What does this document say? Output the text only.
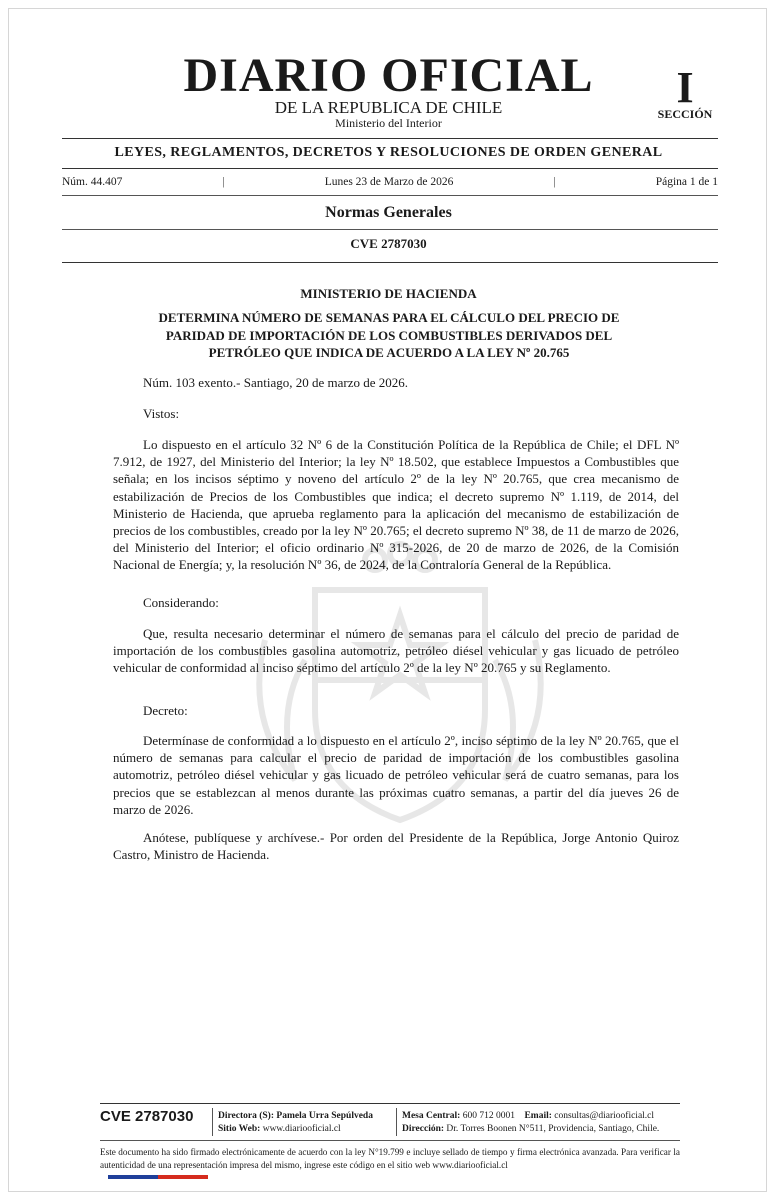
DIARIO OFICIAL
DE LA REPUBLICA DE CHILE
Ministerio del Interior
I
SECCIÓN
LEYES, REGLAMENTOS, DECRETOS Y RESOLUCIONES DE ORDEN GENERAL
Núm. 44.407	|	Lunes 23 de Marzo de 2026	|	Página 1 de 1
Normas Generales
CVE 2787030
MINISTERIO DE HACIENDA
DETERMINA NÚMERO DE SEMANAS PARA EL CÁLCULO DEL PRECIO DE PARIDAD DE IMPORTACIÓN DE LOS COMBUSTIBLES DERIVADOS DEL PETRÓLEO QUE INDICA DE ACUERDO A LA LEY Nº 20.765
Núm. 103 exento.- Santiago, 20 de marzo de 2026.
Vistos:
Lo dispuesto en el artículo 32 Nº 6 de la Constitución Política de la República de Chile; el DFL Nº 7.912, de 1927, del Ministerio del Interior; la ley Nº 18.502, que establece Impuestos a Combustibles que señala; en los incisos séptimo y noveno del artículo 2º de la ley Nº 20.765, que crea mecanismo de estabilización de Precios de los Combustibles que indica; el decreto supremo Nº 1.119, de 2014, del Ministerio de Hacienda, que aprueba reglamento para la aplicación del mecanismo de estabilización de precios de los combustibles, creado por la ley Nº 20.765; el decreto supremo Nº 38, de 11 de marzo de 2026, del Ministerio del Interior; el oficio ordinario Nº 315-2026, de 20 de marzo de 2026, de la Comisión Nacional de Energía; y, la resolución Nº 36, de 2024, de la Contraloría General de la República.
Considerando:
Que, resulta necesario determinar el número de semanas para el cálculo del precio de paridad de importación de los combustibles gasolina automotriz, petróleo diésel vehicular y gas licuado de petróleo vehicular de conformidad al inciso séptimo del artículo 2º de la ley Nº 20.765 y su Reglamento.
Decreto:
Determínase de conformidad a lo dispuesto en el artículo 2º, inciso séptimo de la ley Nº 20.765, que el número de semanas para calcular el precio de paridad de importación de los combustibles gasolina automotriz, petróleo diésel vehicular y gas licuado de petróleo vehicular será de cuatro semanas, para los precios que se establezcan al menos durante las próximas cuatro semanas, a partir del día jueves 26 de marzo de 2026.
Anótese, publíquese y archívese.- Por orden del Presidente de la República, Jorge Antonio Quiroz Castro, Ministro de Hacienda.
CVE 2787030	Directora (S): Pamela Urra Sepúlveda
Sitio Web: www.diariooficial.cl
Mesa Central: 600 712 0001 Email: consultas@diariooficial.cl
Dirección: Dr. Torres Boonen N°511, Providencia, Santiago, Chile.
Este documento ha sido firmado electrónicamente de acuerdo con la ley N°19.799 e incluye sellado de tiempo y firma electrónica avanzada. Para verificar la autenticidad de una representación impresa del mismo, ingrese este código en el sitio web www.diariooficial.cl
